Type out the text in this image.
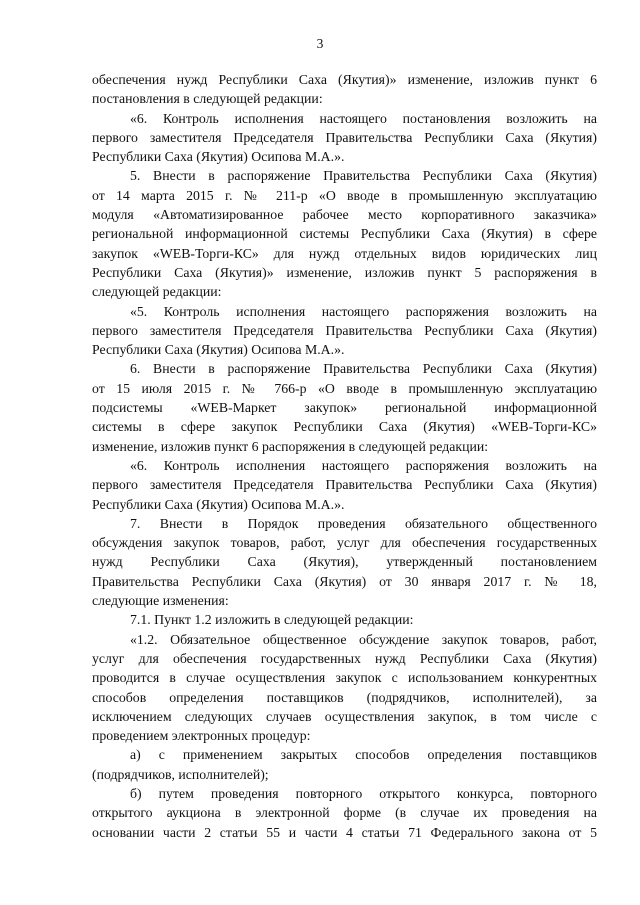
3
обеспечения нужд Республики Саха (Якутия)» изменение, изложив пункт 6
постановления в следующей редакции:
«6. Контроль исполнения настоящего постановления возложить на
первого заместителя Председателя Правительства Республики Саха (Якутия)
Республики Саха (Якутия) Осипова М.А.».
5. Внести в распоряжение Правительства Республики Саха (Якутия)
от 14 марта 2015 г. № 211-р «О вводе в промышленную эксплуатацию
модуля «Автоматизированное рабочее место корпоративного заказчика»
региональной информационной системы Республики Саха (Якутия) в сфере
закупок «WEB-Торги-КС» для нужд отдельных видов юридических лиц
Республики Саха (Якутия)» изменение, изложив пункт 5 распоряжения в
следующей редакции:
«5. Контроль исполнения настоящего распоряжения возложить на
первого заместителя Председателя Правительства Республики Саха (Якутия)
Республики Саха (Якутия) Осипова М.А.».
6. Внести в распоряжение Правительства Республики Саха (Якутия)
от 15 июля 2015 г. № 766-р «О вводе в промышленную эксплуатацию
подсистемы «WEB-Маркет закупок» региональной информационной
системы в сфере закупок Республики Саха (Якутия) «WEB-Торги-КС»
изменение, изложив пункт 6 распоряжения в следующей редакции:
«6. Контроль исполнения настоящего распоряжения возложить на
первого заместителя Председателя Правительства Республики Саха (Якутия)
Республики Саха (Якутия) Осипова М.А.».
7. Внести в Порядок проведения обязательного общественного
обсуждения закупок товаров, работ, услуг для обеспечения государственных
нужд Республики Саха (Якутия), утвержденный постановлением
Правительства Республики Саха (Якутия) от 30 января 2017 г. № 18,
следующие изменения:
7.1. Пункт 1.2 изложить в следующей редакции:
«1.2. Обязательное общественное обсуждение закупок товаров, работ,
услуг для обеспечения государственных нужд Республики Саха (Якутия)
проводится в случае осуществления закупок с использованием конкурентных
способов определения поставщиков (подрядчиков, исполнителей), за
исключением следующих случаев осуществления закупок, в том числе с
проведением электронных процедур:
а) с применением закрытых способов определения поставщиков
(подрядчиков, исполнителей);
б) путем проведения повторного открытого конкурса, повторного
открытого аукциона в электронной форме (в случае их проведения на
основании части 2 статьи 55 и части 4 статьи 71 Федерального закона от 5
